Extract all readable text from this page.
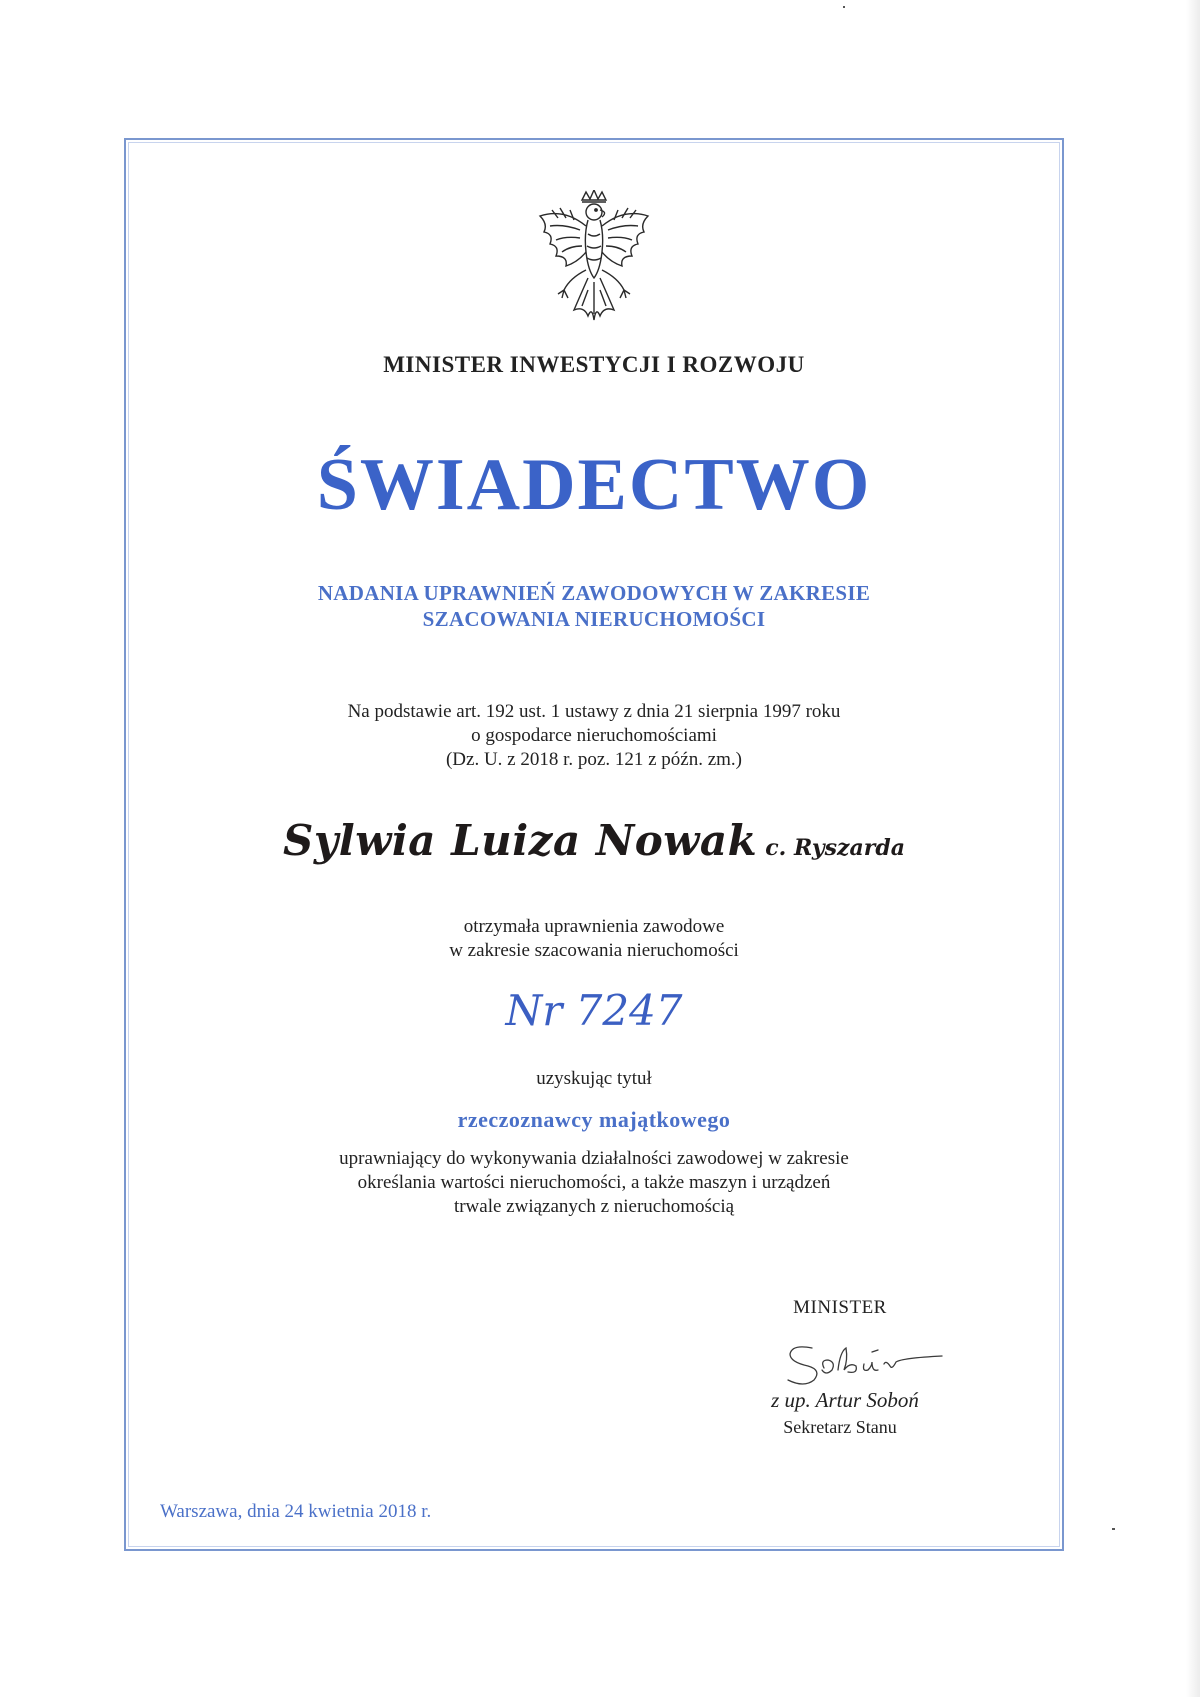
MINISTER INWESTYCJI I ROZWOJU
ŚWIADECTWO
NADANIA UPRAWNIEŃ ZAWODOWYCH W ZAKRESIE
SZACOWANIA NIERUCHOMOŚCI
Na podstawie art. 192 ust. 1 ustawy z dnia 21 sierpnia 1997 roku
o gospodarce nieruchomościami
(Dz. U. z 2018 r. poz. 121 z późn. zm.)
Sylwia Luiza Nowak c. Ryszarda
otrzymała uprawnienia zawodowe
w zakresie szacowania nieruchomości
Nr 7247
uzyskując tytuł
rzeczoznawcy majątkowego
uprawniający do wykonywania działalności zawodowej w zakresie
określania wartości nieruchomości, a także maszyn i urządzeń
trwale związanych z nieruchomością
MINISTER
z up. Artur Soboń
Sekretarz Stanu
Warszawa, dnia 24 kwietnia 2018 r.
